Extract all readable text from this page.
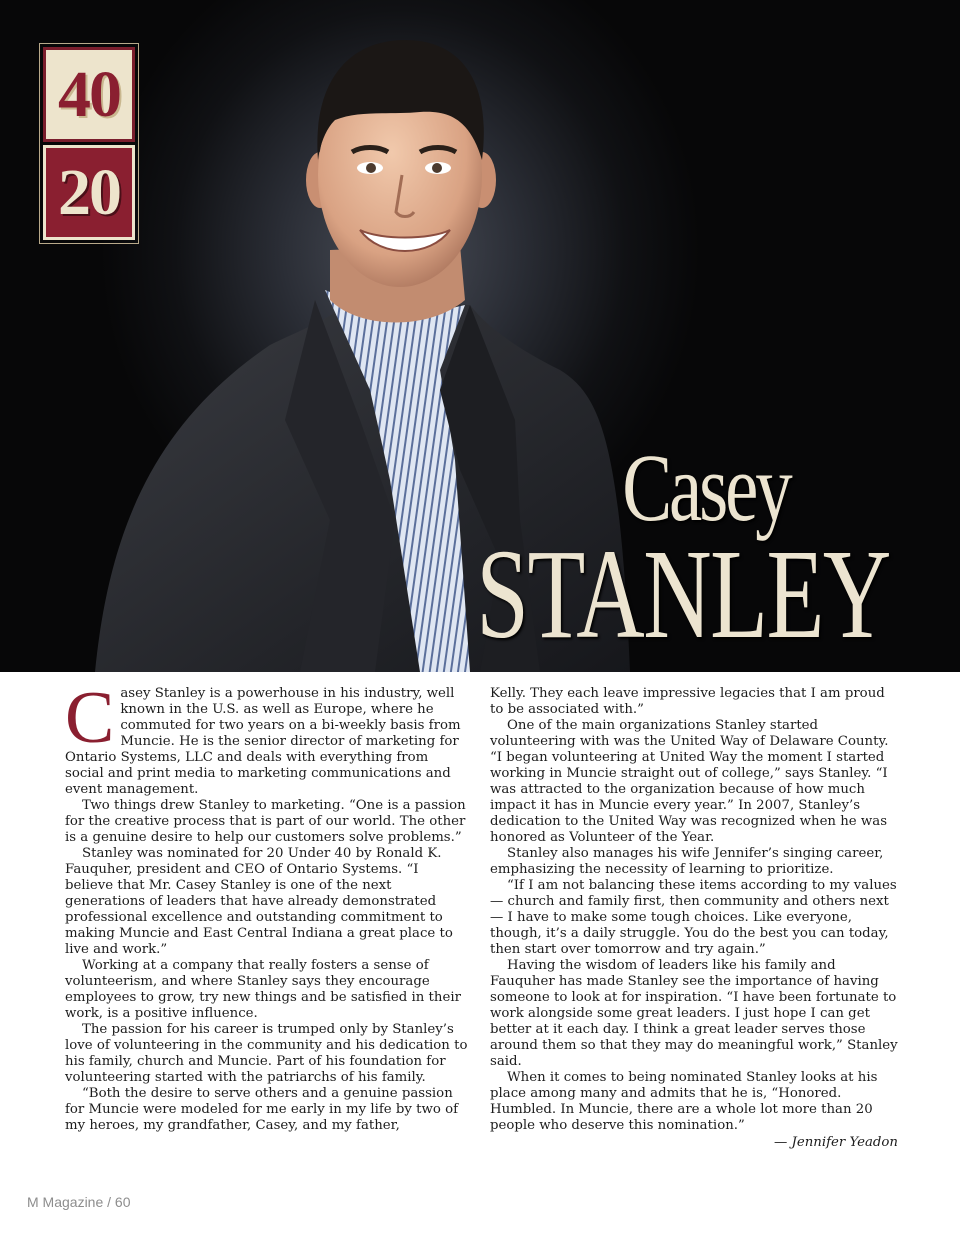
40
20
Casey
STANLEY
C asey Stanley is a powerhouse in his industry, well known in the U.S. as well as Europe, where he commuted for two years on a bi-weekly basis from Muncie. He is the senior director of marketing for Ontario Systems, LLC and deals with everything from social and print media to marketing communications and event management.

Two things drew Stanley to marketing. “One is a passion for the creative process that is part of our world. The other is a genuine desire to help our customers solve problems.”

Stanley was nominated for 20 Under 40 by Ronald K. Fauquher, president and CEO of Ontario Systems. “I believe that Mr. Casey Stanley is one of the next generations of leaders that have already demonstrated professional excellence and outstanding commitment to making Muncie and East Central Indiana a great place to live and work.”

Working at a company that really fosters a sense of volunteerism, and where Stanley says they encourage employees to grow, try new things and be satisfied in their work, is a positive influence.

The passion for his career is trumped only by Stanley’s love of volunteering in the community and his dedication to his family, church and Muncie. Part of his foundation for volunteering started with the patriarchs of his family.

“Both the desire to serve others and a genuine passion for Muncie were modeled for me early in my life by two of my heroes, my grandfather, Casey, and my father,

Kelly. They each leave impressive legacies that I am proud to be associated with.”

One of the main organizations Stanley started volunteering with was the United Way of Delaware County. “I began volunteering at United Way the moment I started working in Muncie straight out of college,” says Stanley. “I was attracted to the organization because of how much impact it has in Muncie every year.” In 2007, Stanley’s dedication to the United Way was recognized when he was honored as Volunteer of the Year.

Stanley also manages his wife Jennifer’s singing career, emphasizing the necessity of learning to prioritize.

“If I am not balancing these items according to my values — church and family first, then community and others next — I have to make some tough choices. Like everyone, though, it’s a daily struggle. You do the best you can today, then start over tomorrow and try again.”

Having the wisdom of leaders like his family and Fauquher has made Stanley see the importance of having someone to look at for inspiration. “I have been fortunate to work alongside some great leaders. I just hope I can get better at it each day. I think a great leader serves those around them so that they may do meaningful work,” Stanley said.

When it comes to being nominated Stanley looks at his place among many and admits that he is, “Honored. Humbled. In Muncie, there are a whole lot more than 20 people who deserve this nomination.”

— Jennifer Yeadon
M Magazine / 60
